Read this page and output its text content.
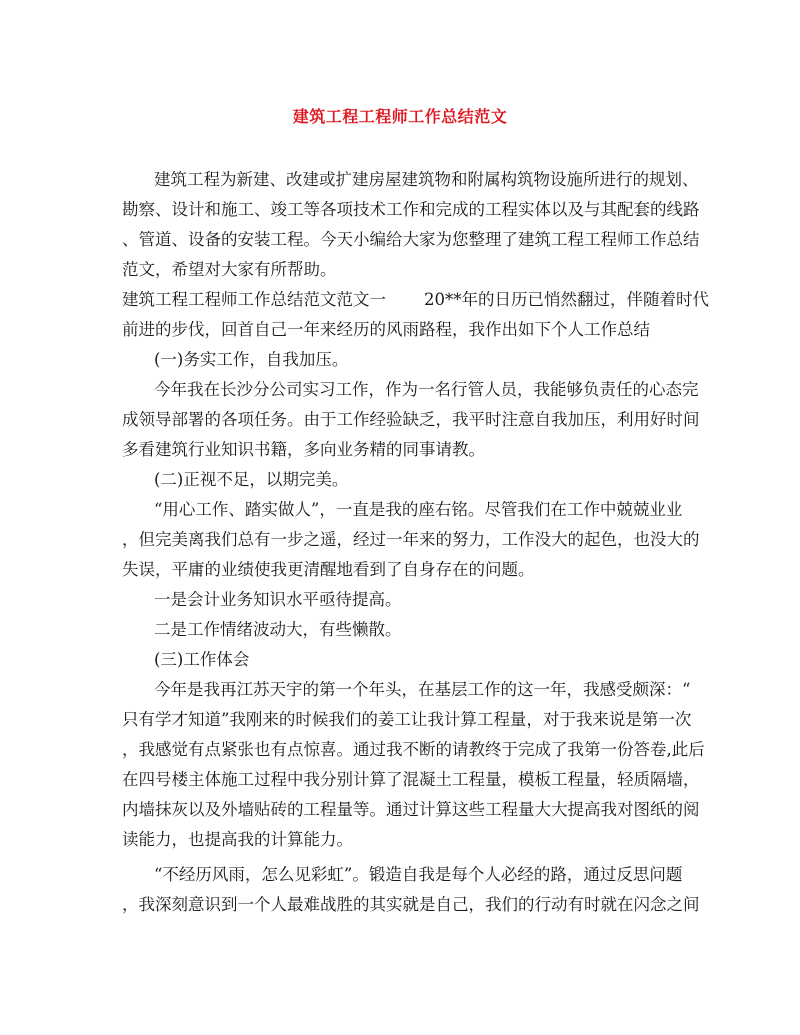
建筑工程工程师工作总结范文
建筑工程为新建、改建或扩建房屋建筑物和附属构筑物设施所进行的规划、
勘察、设计和施工、竣工等各项技术工作和完成的工程实体以及与其配套的线路
、管道、设备的安装工程。今天小编给大家为您整理了建筑工程工程师工作总结
范文，希望对大家有所帮助。
建筑工程工程师工作总结范文范文一 20**年的日历已悄然翻过，伴随着时代
前进的步伐，回首自己一年来经历的风雨路程，我作出如下个人工作总结
(一)务实工作，自我加压。
今年我在长沙分公司实习工作，作为一名行管人员，我能够负责任的心态完
成领导部署的各项任务。由于工作经验缺乏，我平时注意自我加压，利用好时间
多看建筑行业知识书籍，多向业务精的同事请教。
(二)正视不足，以期完美。
“用心工作、踏实做人”，一直是我的座右铭。尽管我们在工作中兢兢业业
，但完美离我们总有一步之遥，经过一年来的努力，工作没大的起色，也没大的
失误，平庸的业绩使我更清醒地看到了自身存在的问题。
一是会计业务知识水平亟待提高。
二是工作情绪波动大，有些懒散。
(三)工作体会
今年是我再江苏天宇的第一个年头，在基层工作的这一年，我感受颇深：“
只有学才知道”我刚来的时候我们的姜工让我计算工程量，对于我来说是第一次
，我感觉有点紧张也有点惊喜。通过我不断的请教终于完成了我第一份答卷,此后
在四号楼主体施工过程中我分别计算了混凝土工程量，模板工程量，轻质隔墙，
内墙抹灰以及外墙贴砖的工程量等。通过计算这些工程量大大提高我对图纸的阅
读能力，也提高我的计算能力。
“不经历风雨，怎么见彩虹”。锻造自我是每个人必经的路，通过反思问题
，我深刻意识到一个人最难战胜的其实就是自己，我们的行动有时就在闪念之间
